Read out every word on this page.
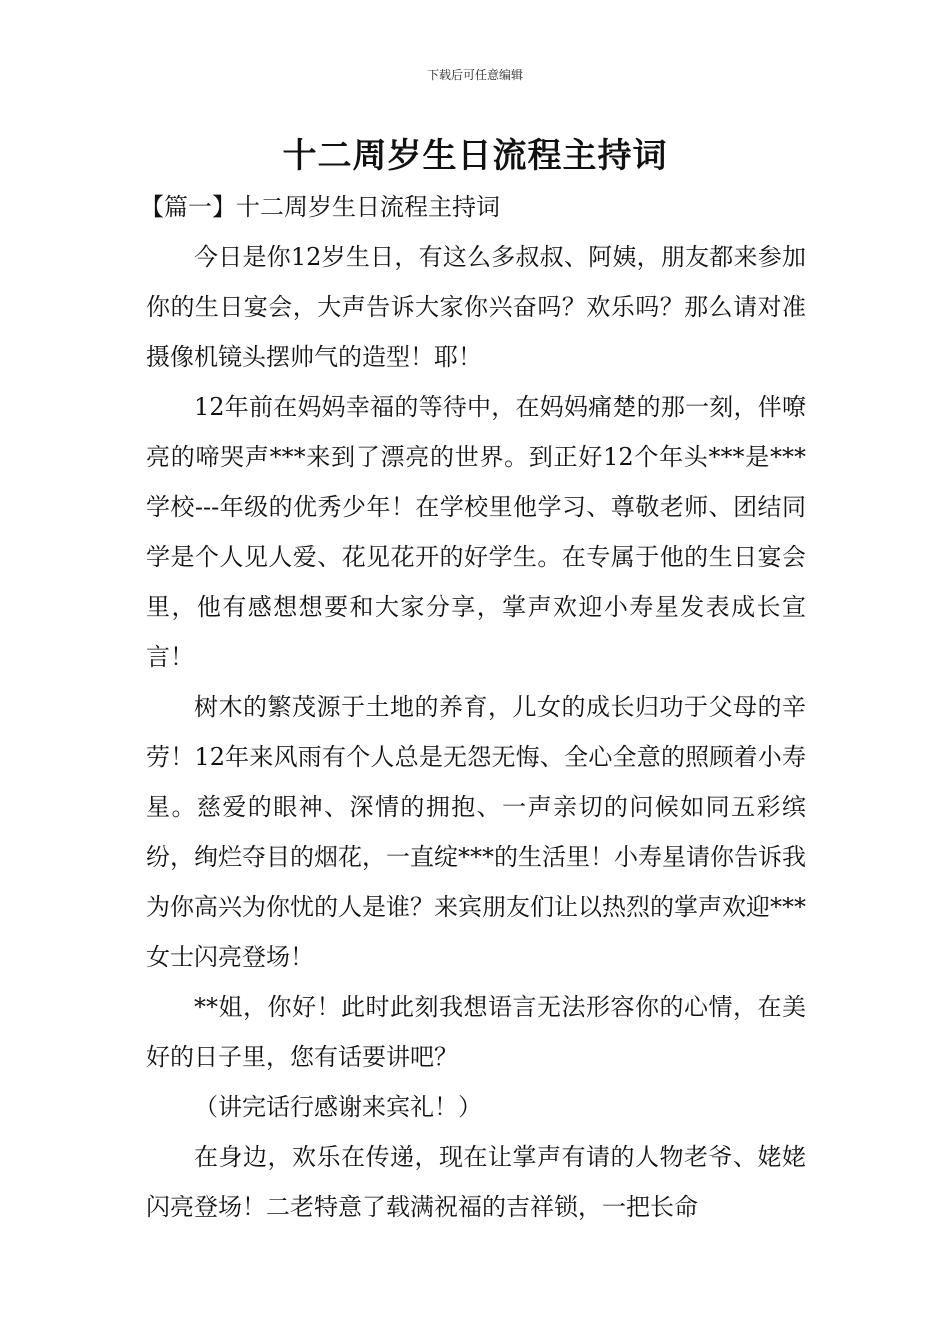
下载后可任意编辑
十二周岁生日流程主持词

【篇一】十二周岁生日流程主持词

今日是你12岁生日，有这么多叔叔、阿姨，朋友都来参加你的生日宴会，大声告诉大家你兴奋吗？欢乐吗？那么请对准摄像机镜头摆帅气的造型！耶！

12年前在妈妈幸福的等待中，在妈妈痛楚的那一刻，伴嘹亮的啼哭声***来到了漂亮的世界。到正好12个年头***是***学校---年级的优秀少年！在学校里他学习、尊敬老师、团结同学是个人见人爱、花见花开的好学生。在专属于他的生日宴会里，他有感想想要和大家分享，掌声欢迎小寿星发表成长宣言！

树木的繁茂源于土地的养育，儿女的成长归功于父母的辛劳！12年来风雨有个人总是无怨无悔、全心全意的照顾着小寿星。慈爱的眼神、深情的拥抱、一声亲切的问候如同五彩缤纷，绚烂夺目的烟花，一直绽***的生活里！小寿星请你告诉我为你高兴为你忧的人是谁？来宾朋友们让以热烈的掌声欢迎***女士闪亮登场！

**姐，你好！此时此刻我想语言无法形容你的心情，在美好的日子里，您有话要讲吧？

（讲完话行感谢来宾礼！）

在身边，欢乐在传递，现在让掌声有请的人物老爷、姥姥闪亮登场！二老特意了载满祝福的吉祥锁，一把长命
